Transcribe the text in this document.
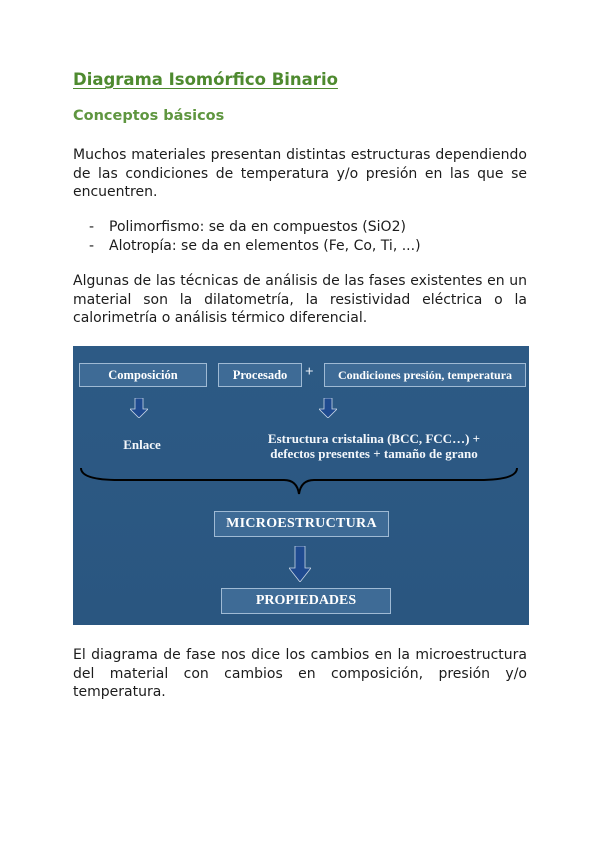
Diagrama Isomórfico Binario
Conceptos básicos

Muchos materiales presentan distintas estructuras dependiendo de las condiciones de temperatura y/o presión en las que se encuentren.

- Polimorfismo: se da en compuestos (SiO2)
- Alotropía: se da en elementos (Fe, Co, Ti, ...)

Algunas de las técnicas de análisis de las fases existentes en un material son la dilatometría, la resistividad eléctrica o la calorimetría o análisis térmico diferencial.

Composición	Procesado + Condiciones presión, temperatura
Enlace	Estructura cristalina (BCC, FCC…) +
defectos presentes + tamaño de grano
MICROESTRUCTURA
PROPIEDADES

El diagrama de fase nos dice los cambios en la microestructura del material con cambios en composición, presión y/o temperatura.
